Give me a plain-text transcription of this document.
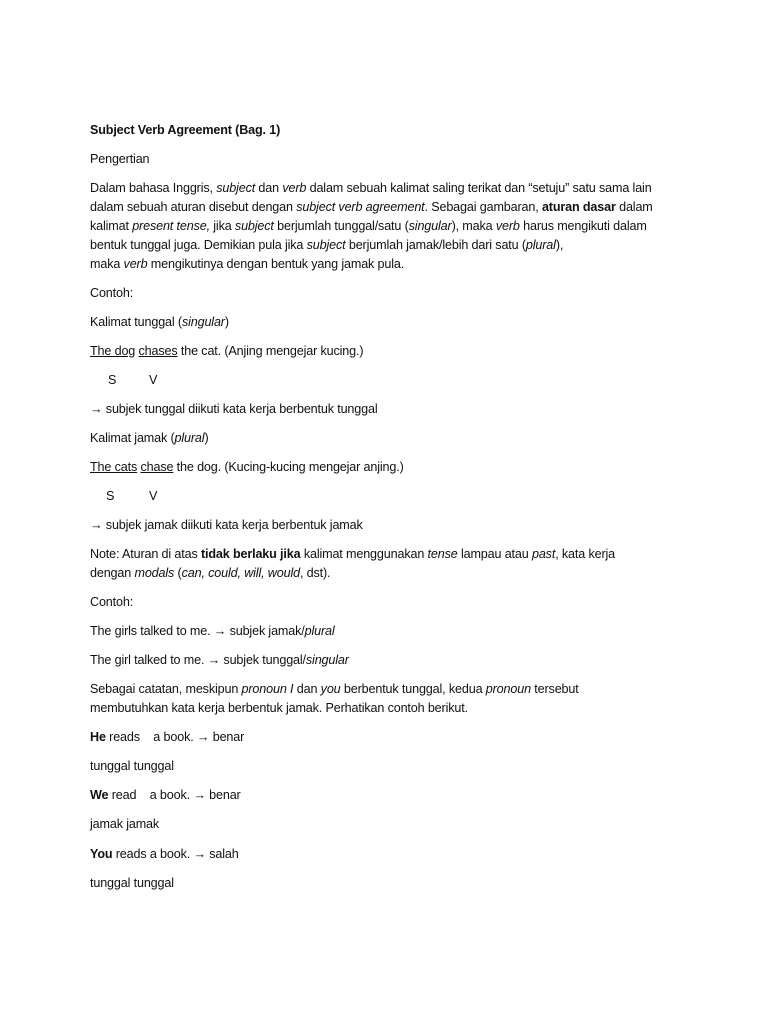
Subject Verb Agreement (Bag. 1)
Pengertian
Dalam bahasa Inggris, subject dan verb dalam sebuah kalimat saling terikat dan “setuju” satu sama lain
dalam sebuah aturan disebut dengan subject verb agreement. Sebagai gambaran, aturan dasar dalam
kalimat present tense, jika subject berjumlah tunggal/satu (singular), maka verb harus mengikuti dalam
bentuk tunggal juga. Demikian pula jika subject berjumlah jamak/lebih dari satu (plural),
maka verb mengikutinya dengan bentuk yang jamak pula.
Contoh:
Kalimat tunggal (singular)
The dog chases the cat. (Anjing mengejar kucing.)
S	V
→ subjek tunggal diikuti kata kerja berbentuk tunggal
Kalimat jamak (plural)
The cats chase the dog. (Kucing-kucing mengejar anjing.)
S	V
→ subjek jamak diikuti kata kerja berbentuk jamak
Note: Aturan di atas tidak berlaku jika kalimat menggunakan tense lampau atau past, kata kerja
dengan modals (can, could, will, would, dst).
Contoh:
The girls talked to me. → subjek jamak/plural
The girl talked to me. → subjek tunggal/singular
Sebagai catatan, meskipun pronoun I dan you berbentuk tunggal, kedua pronoun tersebut
membutuhkan kata kerja berbentuk jamak. Perhatikan contoh berikut.
He reads    a book. → benar
tunggal tunggal
We read    a book. → benar
jamak jamak
You reads a book. → salah
tunggal tunggal
